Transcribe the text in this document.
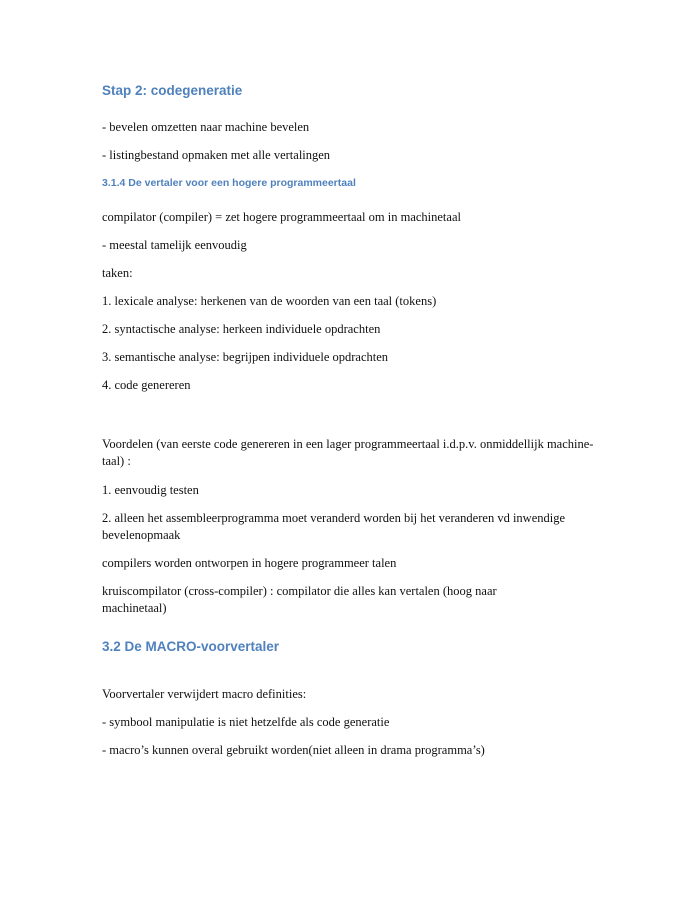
Stap 2: codegeneratie

- bevelen omzetten naar machine bevelen

- listingbestand opmaken met alle vertalingen

3.1.4 De vertaler voor een hogere programmeertaal

compilator (compiler) = zet hogere programmeertaal om in machinetaal

- meestal tamelijk eenvoudig

taken:

1. lexicale analyse: herkenen van de woorden van een taal (tokens)

2. syntactische analyse: herkeen individuele opdrachten

3. semantische analyse: begrijpen individuele opdrachten

4. code genereren

Voordelen (van eerste code genereren in een lager programmeertaal i.d.p.v. onmiddellijk machine-taal) :

1. eenvoudig testen

2. alleen het assembleerprogramma moet veranderd worden bij het veranderen vd inwendige bevelenopmaak

compilers worden ontworpen in hogere programmeer talen

kruiscompilator (cross-compiler) : compilator die alles kan vertalen (hoog naar machinetaal)

3.2 De MACRO-voorvertaler

Voorvertaler verwijdert macro definities:

- symbool manipulatie is niet hetzelfde als code generatie

- macro’s kunnen overal gebruikt worden(niet alleen in drama programma’s)
